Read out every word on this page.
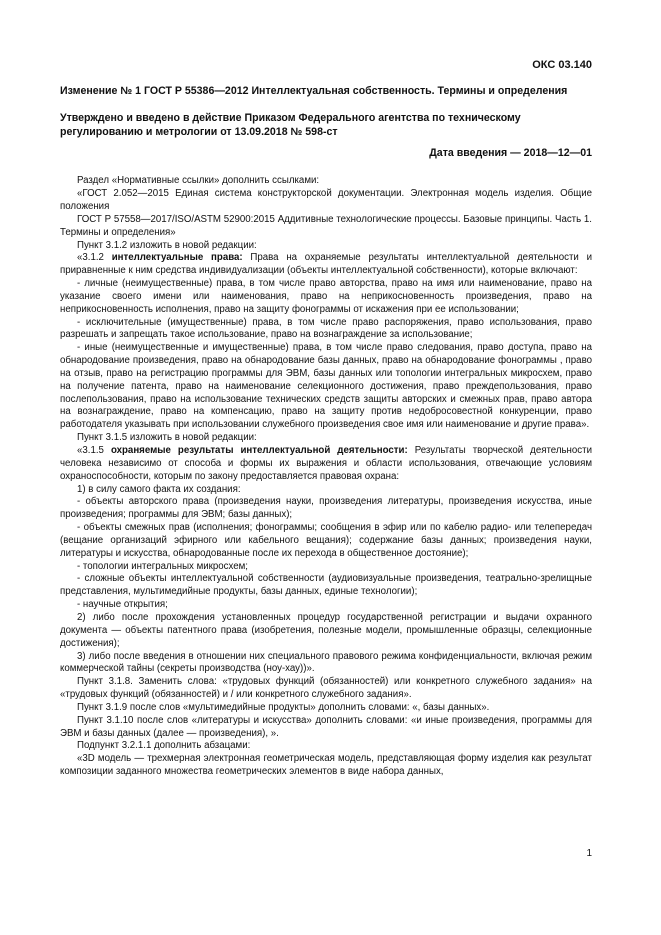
ОКС 03.140
Изменение № 1 ГОСТ Р 55386—2012 Интеллектуальная собственность. Термины и определения
Утверждено и введено в действие Приказом Федерального агентства по техническому регулированию и метрологии от 13.09.2018 № 598-ст
Дата введения — 2018—12—01

Раздел «Нормативные ссылки» дополнить ссылками:

«ГОСТ 2.052—2015 Единая система конструкторской документации. Электронная модель изделия. Общие положения

ГОСТ Р 57558—2017/ISO/ASTM 52900:2015 Аддитивные технологические процессы. Базовые принципы. Часть 1. Термины и определения»

Пункт 3.1.2 изложить в новой редакции:

«3.1.2 интеллектуальные права: Права на охраняемые результаты интеллектуальной деятельности и приравненные к ним средства индивидуализации (объекты интеллектуальной собственности), которые включают:

- личные (неимущественные) права, в том числе право авторства, право на имя или наименование, право на указание своего имени или наименования, право на неприкосновенность произведения, право на неприкосновенность исполнения, право на защиту фонограммы от искажения при ее использовании;

- исключительные (имущественные) права, в том числе право распоряжения, право использования, право разрешать и запрещать такое использование, право на вознаграждение за использование;

- иные (неимущественные и имущественные) права, в том числе право следования, право доступа, право на обнародование произведения, право на обнародование базы данных, право на обнародование фонограммы , право на отзыв, право на регистрацию программы для ЭВМ, базы данных или топологии интегральных микросхем, право на получение патента, право на наименование селекционного достижения, право преждепользования, право послепользования, право на использование технических средств защиты авторских и смежных прав, право автора на вознаграждение, право на компенсацию, право на защиту против недобросовестной конкуренции, право работодателя указывать при использовании служебного произведения свое имя или наименование и другие права».

Пункт 3.1.5 изложить в новой редакции:

«3.1.5 охраняемые результаты интеллектуальной деятельности: Результаты творческой деятельности человека независимо от способа и формы их выражения и области использования, отвечающие условиям охраноспособности, которым по закону предоставляется правовая охрана:

1) в силу самого факта их создания:

- объекты авторского права (произведения науки, произведения литературы, произведения искусства, иные произведения; программы для ЭВМ; базы данных);

- объекты смежных прав (исполнения; фонограммы; сообщения в эфир или по кабелю радио- или телепередач (вещание организаций эфирного или кабельного вещания); содержание базы данных; произведения науки, литературы и искусства, обнародованные после их перехода в общественное достояние);

- топологии интегральных микросхем;

- сложные объекты интеллектуальной собственности (аудиовизуальные произведения, театрально-зрелищные представления, мультимедийные продукты, базы данных, единые технологии);

- научные открытия;

2) либо после прохождения установленных процедур государственной регистрации и выдачи охранного документа — объекты патентного права (изобретения, полезные модели, промышленные образцы, селекционные достижения);

3) либо после введения в отношении них специального правового режима конфиденциальности, включая режим коммерческой тайны (секреты производства (ноу-хау))».

Пункт 3.1.8. Заменить слова: «трудовых функций (обязанностей) или конкретного служебного задания» на «трудовых функций (обязанностей) и / или конкретного служебного задания».

Пункт 3.1.9 после слов «мультимедийные продукты» дополнить словами: «, базы данных».

Пункт 3.1.10 после слов «литературы и искусства» дополнить словами: «и иные произведения, программы для ЭВМ и базы данных (далее — произведения), ».

Подпункт 3.2.1.1 дополнить абзацами:

«3D модель — трехмерная электронная геометрическая модель, представляющая форму изделия как результат композиции заданного множества геометрических элементов в виде набора данных,

1
